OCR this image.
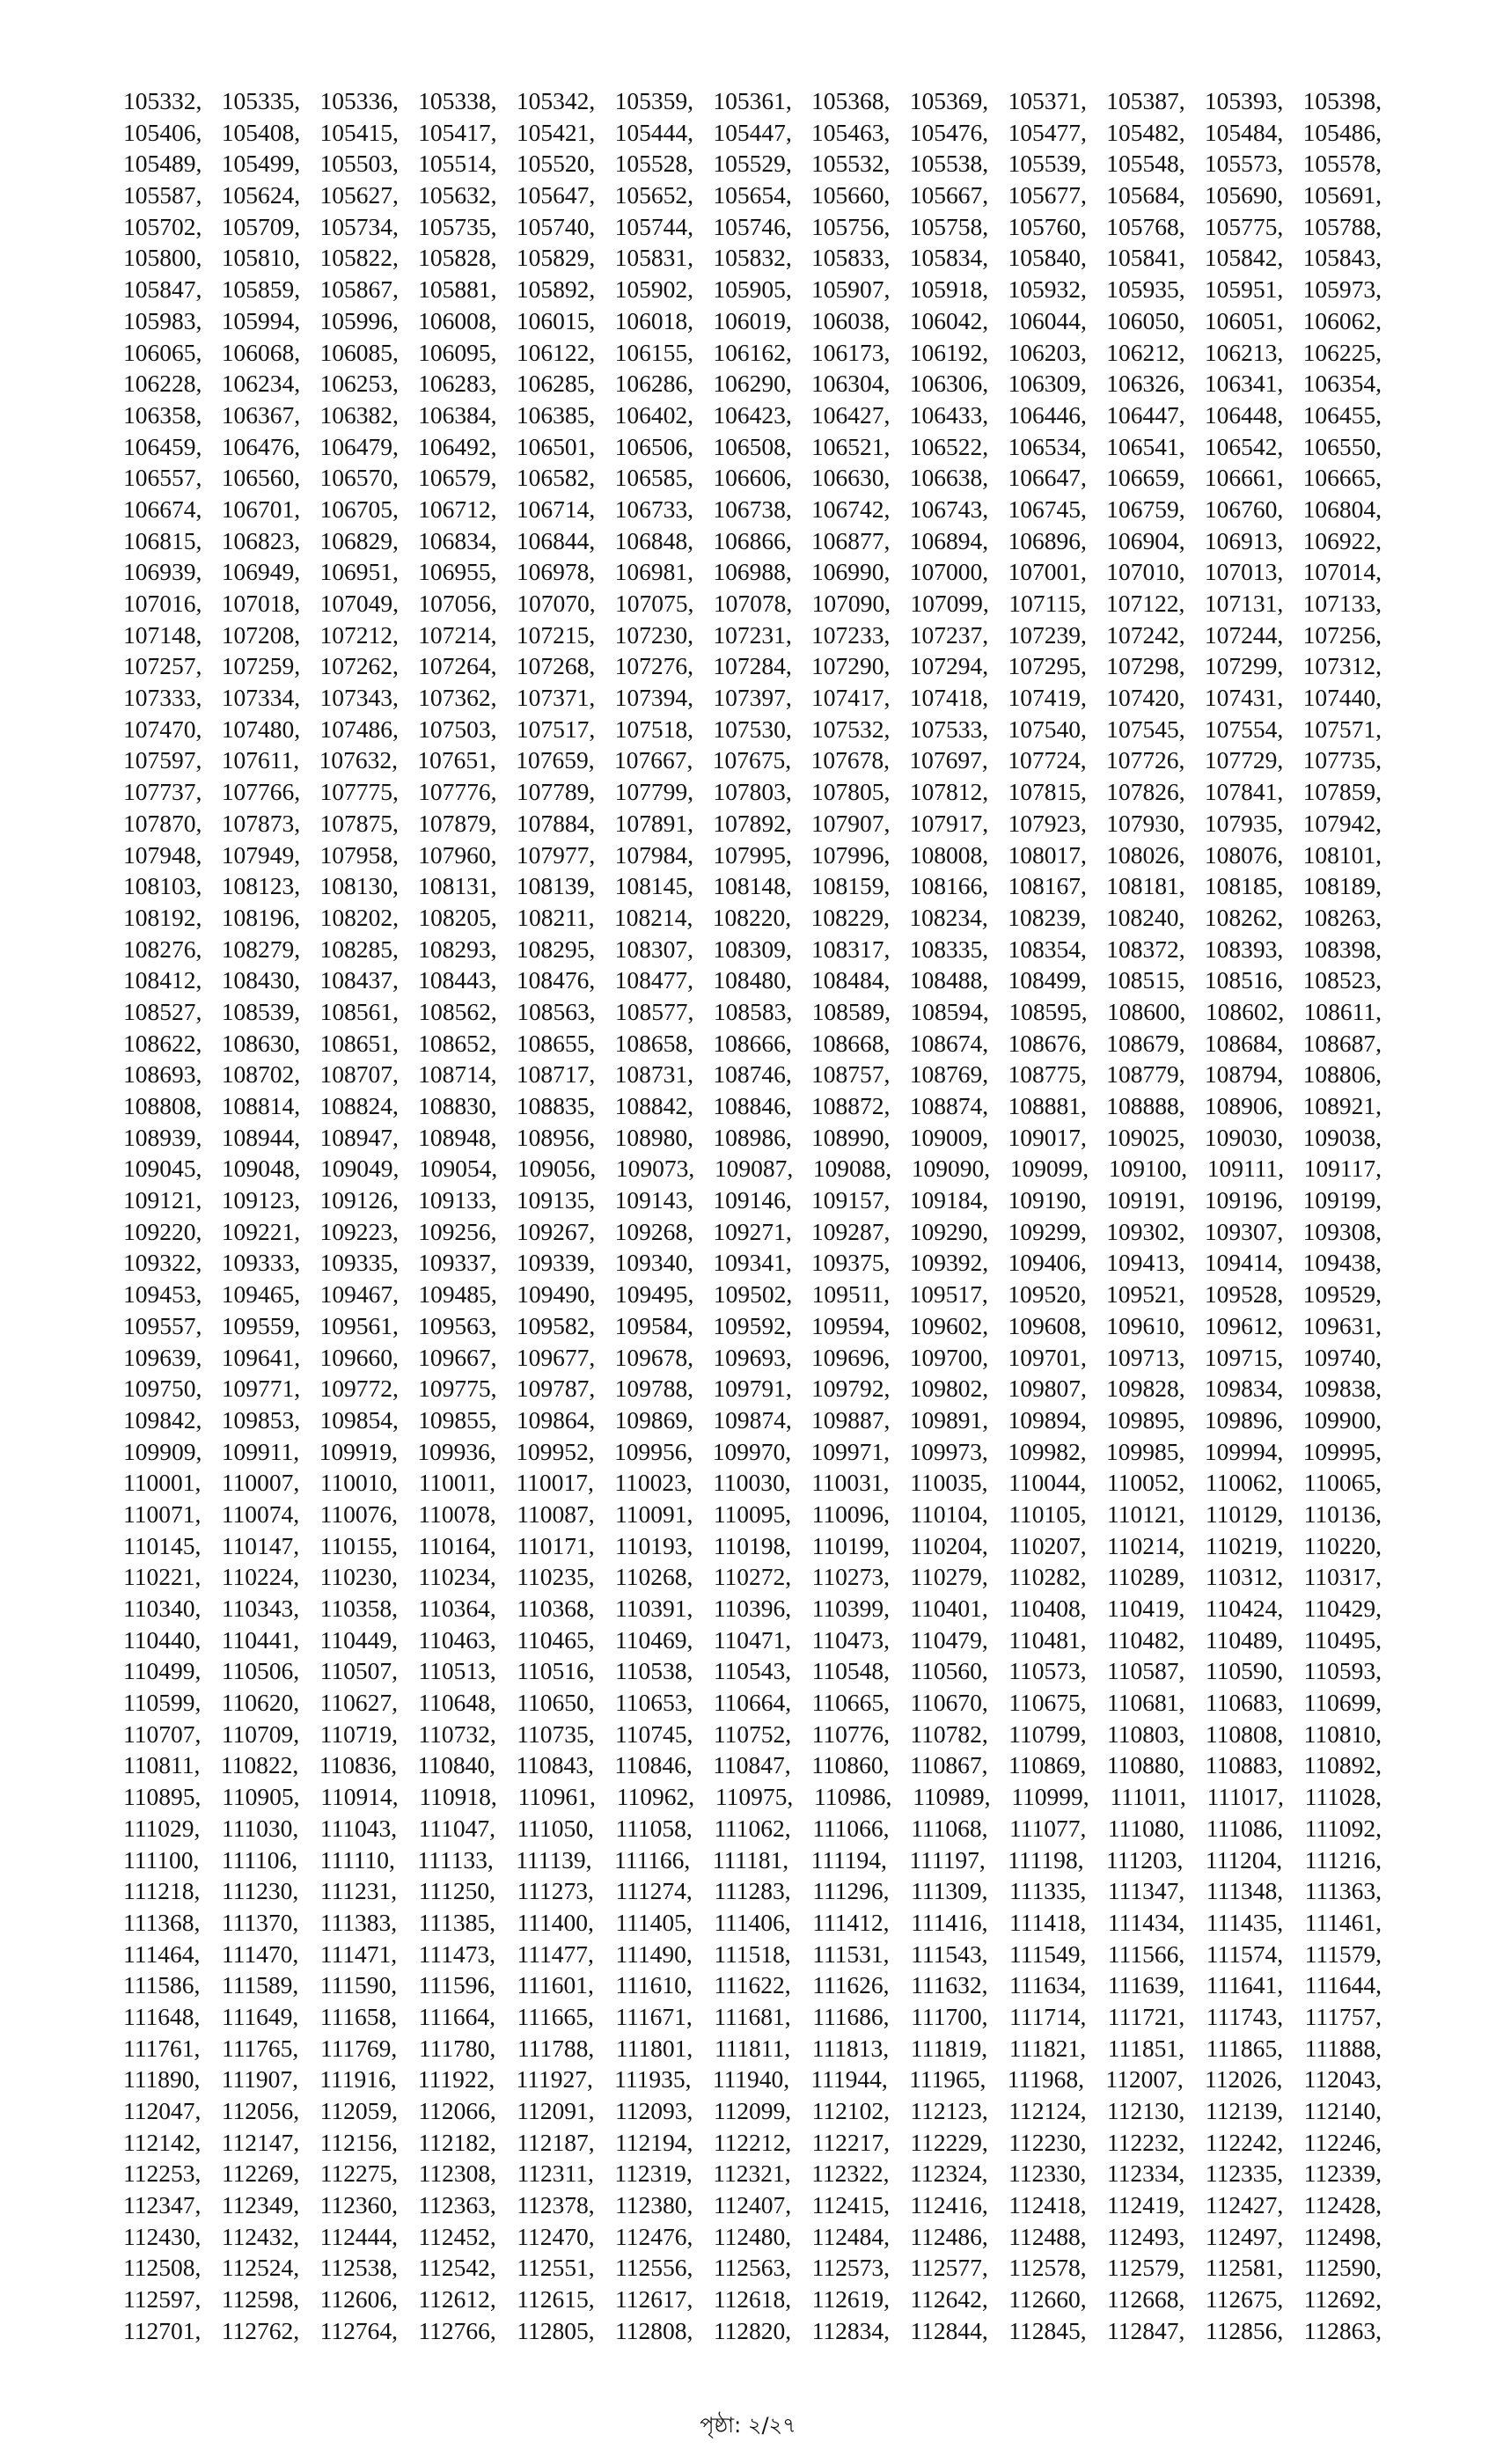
105332, 105335, 105336, 105338, 105342, 105359, 105361, 105368, 105369, 105371, 105387, 105393, 105398,
105406, 105408, 105415, 105417, 105421, 105444, 105447, 105463, 105476, 105477, 105482, 105484, 105486,
105489, 105499, 105503, 105514, 105520, 105528, 105529, 105532, 105538, 105539, 105548, 105573, 105578,
105587, 105624, 105627, 105632, 105647, 105652, 105654, 105660, 105667, 105677, 105684, 105690, 105691,
105702, 105709, 105734, 105735, 105740, 105744, 105746, 105756, 105758, 105760, 105768, 105775, 105788,
105800, 105810, 105822, 105828, 105829, 105831, 105832, 105833, 105834, 105840, 105841, 105842, 105843,
105847, 105859, 105867, 105881, 105892, 105902, 105905, 105907, 105918, 105932, 105935, 105951, 105973,
105983, 105994, 105996, 106008, 106015, 106018, 106019, 106038, 106042, 106044, 106050, 106051, 106062,
106065, 106068, 106085, 106095, 106122, 106155, 106162, 106173, 106192, 106203, 106212, 106213, 106225,
106228, 106234, 106253, 106283, 106285, 106286, 106290, 106304, 106306, 106309, 106326, 106341, 106354,
106358, 106367, 106382, 106384, 106385, 106402, 106423, 106427, 106433, 106446, 106447, 106448, 106455,
106459, 106476, 106479, 106492, 106501, 106506, 106508, 106521, 106522, 106534, 106541, 106542, 106550,
106557, 106560, 106570, 106579, 106582, 106585, 106606, 106630, 106638, 106647, 106659, 106661, 106665,
106674, 106701, 106705, 106712, 106714, 106733, 106738, 106742, 106743, 106745, 106759, 106760, 106804,
106815, 106823, 106829, 106834, 106844, 106848, 106866, 106877, 106894, 106896, 106904, 106913, 106922,
106939, 106949, 106951, 106955, 106978, 106981, 106988, 106990, 107000, 107001, 107010, 107013, 107014,
107016, 107018, 107049, 107056, 107070, 107075, 107078, 107090, 107099, 107115, 107122, 107131, 107133,
107148, 107208, 107212, 107214, 107215, 107230, 107231, 107233, 107237, 107239, 107242, 107244, 107256,
107257, 107259, 107262, 107264, 107268, 107276, 107284, 107290, 107294, 107295, 107298, 107299, 107312,
107333, 107334, 107343, 107362, 107371, 107394, 107397, 107417, 107418, 107419, 107420, 107431, 107440,
107470, 107480, 107486, 107503, 107517, 107518, 107530, 107532, 107533, 107540, 107545, 107554, 107571,
107597, 107611, 107632, 107651, 107659, 107667, 107675, 107678, 107697, 107724, 107726, 107729, 107735,
107737, 107766, 107775, 107776, 107789, 107799, 107803, 107805, 107812, 107815, 107826, 107841, 107859,
107870, 107873, 107875, 107879, 107884, 107891, 107892, 107907, 107917, 107923, 107930, 107935, 107942,
107948, 107949, 107958, 107960, 107977, 107984, 107995, 107996, 108008, 108017, 108026, 108076, 108101,
108103, 108123, 108130, 108131, 108139, 108145, 108148, 108159, 108166, 108167, 108181, 108185, 108189,
108192, 108196, 108202, 108205, 108211, 108214, 108220, 108229, 108234, 108239, 108240, 108262, 108263,
108276, 108279, 108285, 108293, 108295, 108307, 108309, 108317, 108335, 108354, 108372, 108393, 108398,
108412, 108430, 108437, 108443, 108476, 108477, 108480, 108484, 108488, 108499, 108515, 108516, 108523,
108527, 108539, 108561, 108562, 108563, 108577, 108583, 108589, 108594, 108595, 108600, 108602, 108611,
108622, 108630, 108651, 108652, 108655, 108658, 108666, 108668, 108674, 108676, 108679, 108684, 108687,
108693, 108702, 108707, 108714, 108717, 108731, 108746, 108757, 108769, 108775, 108779, 108794, 108806,
108808, 108814, 108824, 108830, 108835, 108842, 108846, 108872, 108874, 108881, 108888, 108906, 108921,
108939, 108944, 108947, 108948, 108956, 108980, 108986, 108990, 109009, 109017, 109025, 109030, 109038,
109045, 109048, 109049, 109054, 109056, 109073, 109087, 109088, 109090, 109099, 109100, 109111, 109117,
109121, 109123, 109126, 109133, 109135, 109143, 109146, 109157, 109184, 109190, 109191, 109196, 109199,
109220, 109221, 109223, 109256, 109267, 109268, 109271, 109287, 109290, 109299, 109302, 109307, 109308,
109322, 109333, 109335, 109337, 109339, 109340, 109341, 109375, 109392, 109406, 109413, 109414, 109438,
109453, 109465, 109467, 109485, 109490, 109495, 109502, 109511, 109517, 109520, 109521, 109528, 109529,
109557, 109559, 109561, 109563, 109582, 109584, 109592, 109594, 109602, 109608, 109610, 109612, 109631,
109639, 109641, 109660, 109667, 109677, 109678, 109693, 109696, 109700, 109701, 109713, 109715, 109740,
109750, 109771, 109772, 109775, 109787, 109788, 109791, 109792, 109802, 109807, 109828, 109834, 109838,
109842, 109853, 109854, 109855, 109864, 109869, 109874, 109887, 109891, 109894, 109895, 109896, 109900,
109909, 109911, 109919, 109936, 109952, 109956, 109970, 109971, 109973, 109982, 109985, 109994, 109995,
110001, 110007, 110010, 110011, 110017, 110023, 110030, 110031, 110035, 110044, 110052, 110062, 110065,
110071, 110074, 110076, 110078, 110087, 110091, 110095, 110096, 110104, 110105, 110121, 110129, 110136,
110145, 110147, 110155, 110164, 110171, 110193, 110198, 110199, 110204, 110207, 110214, 110219, 110220,
110221, 110224, 110230, 110234, 110235, 110268, 110272, 110273, 110279, 110282, 110289, 110312, 110317,
110340, 110343, 110358, 110364, 110368, 110391, 110396, 110399, 110401, 110408, 110419, 110424, 110429,
110440, 110441, 110449, 110463, 110465, 110469, 110471, 110473, 110479, 110481, 110482, 110489, 110495,
110499, 110506, 110507, 110513, 110516, 110538, 110543, 110548, 110560, 110573, 110587, 110590, 110593,
110599, 110620, 110627, 110648, 110650, 110653, 110664, 110665, 110670, 110675, 110681, 110683, 110699,
110707, 110709, 110719, 110732, 110735, 110745, 110752, 110776, 110782, 110799, 110803, 110808, 110810,
110811, 110822, 110836, 110840, 110843, 110846, 110847, 110860, 110867, 110869, 110880, 110883, 110892,
110895, 110905, 110914, 110918, 110961, 110962, 110975, 110986, 110989, 110999, 111011, 111017, 111028,
111029, 111030, 111043, 111047, 111050, 111058, 111062, 111066, 111068, 111077, 111080, 111086, 111092,
111100, 111106, 111110, 111133, 111139, 111166, 111181, 111194, 111197, 111198, 111203, 111204, 111216,
111218, 111230, 111231, 111250, 111273, 111274, 111283, 111296, 111309, 111335, 111347, 111348, 111363,
111368, 111370, 111383, 111385, 111400, 111405, 111406, 111412, 111416, 111418, 111434, 111435, 111461,
111464, 111470, 111471, 111473, 111477, 111490, 111518, 111531, 111543, 111549, 111566, 111574, 111579,
111586, 111589, 111590, 111596, 111601, 111610, 111622, 111626, 111632, 111634, 111639, 111641, 111644,
111648, 111649, 111658, 111664, 111665, 111671, 111681, 111686, 111700, 111714, 111721, 111743, 111757,
111761, 111765, 111769, 111780, 111788, 111801, 111811, 111813, 111819, 111821, 111851, 111865, 111888,
111890, 111907, 111916, 111922, 111927, 111935, 111940, 111944, 111965, 111968, 112007, 112026, 112043,
112047, 112056, 112059, 112066, 112091, 112093, 112099, 112102, 112123, 112124, 112130, 112139, 112140,
112142, 112147, 112156, 112182, 112187, 112194, 112212, 112217, 112229, 112230, 112232, 112242, 112246,
112253, 112269, 112275, 112308, 112311, 112319, 112321, 112322, 112324, 112330, 112334, 112335, 112339,
112347, 112349, 112360, 112363, 112378, 112380, 112407, 112415, 112416, 112418, 112419, 112427, 112428,
112430, 112432, 112444, 112452, 112470, 112476, 112480, 112484, 112486, 112488, 112493, 112497, 112498,
112508, 112524, 112538, 112542, 112551, 112556, 112563, 112573, 112577, 112578, 112579, 112581, 112590,
112597, 112598, 112606, 112612, 112615, 112617, 112618, 112619, 112642, 112660, 112668, 112675, 112692,
112701, 112762, 112764, 112766, 112805, 112808, 112820, 112834, 112844, 112845, 112847, 112856, 112863,
পৃষ্ঠা: ২/২৭
